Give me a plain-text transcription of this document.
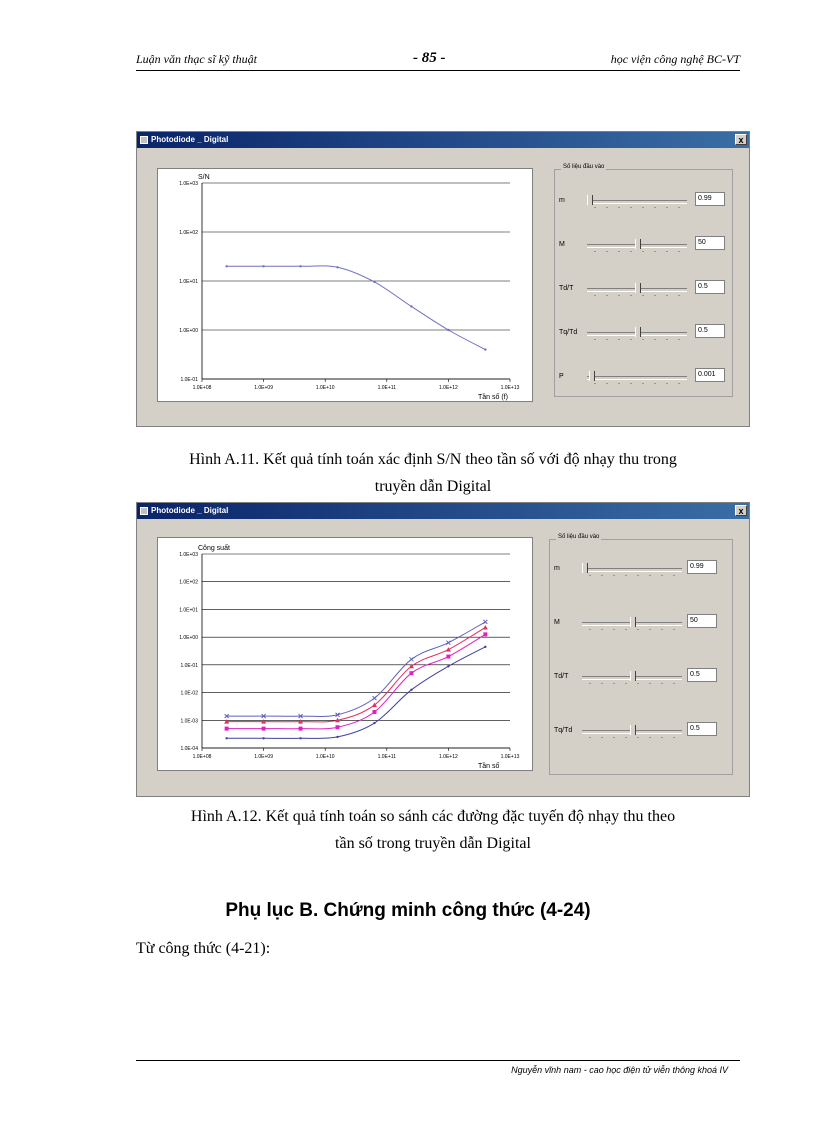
Luận văn thạc sĩ kỹ thuật	- 85 -	học viện công nghệ BC-VT
Photodiode _ Digital	x
1.0E+03
1.0E+02
1.0E+01
1.0E+00
1.0E-01
1.0E+08	1.0E+09	1.0E+10	1.0E+11	1.0E+12	1.0E+13
S/N
Tần số (f)
Số liệu đầu vào
m	0.99
M	50
Td/T	0.5
Tq/Td	0.5
P	0.001
Hình A.11. Kết quả tính toán xác định S/N theo tần số với độ nhạy thu trong
truyền dẫn Digital
Photodiode _ Digital	x
1.0E+03
1.0E+02
1.0E+01
1.0E+00
1.0E-01
1.0E-02
1.0E-03
1.0E-04
1.0E+08	1.0E+09	1.0E+10	1.0E+11	1.0E+12	1.0E+13
Công suất
Tần số
Số liệu đầu vào
m	0.99
M	50
Td/T	0.5
Tq/Td	0.5
Hình A.12. Kết quả tính toán so sánh các đường đặc tuyến độ nhạy thu theo
tần số trong truyền dẫn Digital
Phụ lục B. Chứng minh công thức (4-24)
Từ công thức (4-21):
Nguyễn vĩnh nam - cao học điện tử viễn thông khoá IV
